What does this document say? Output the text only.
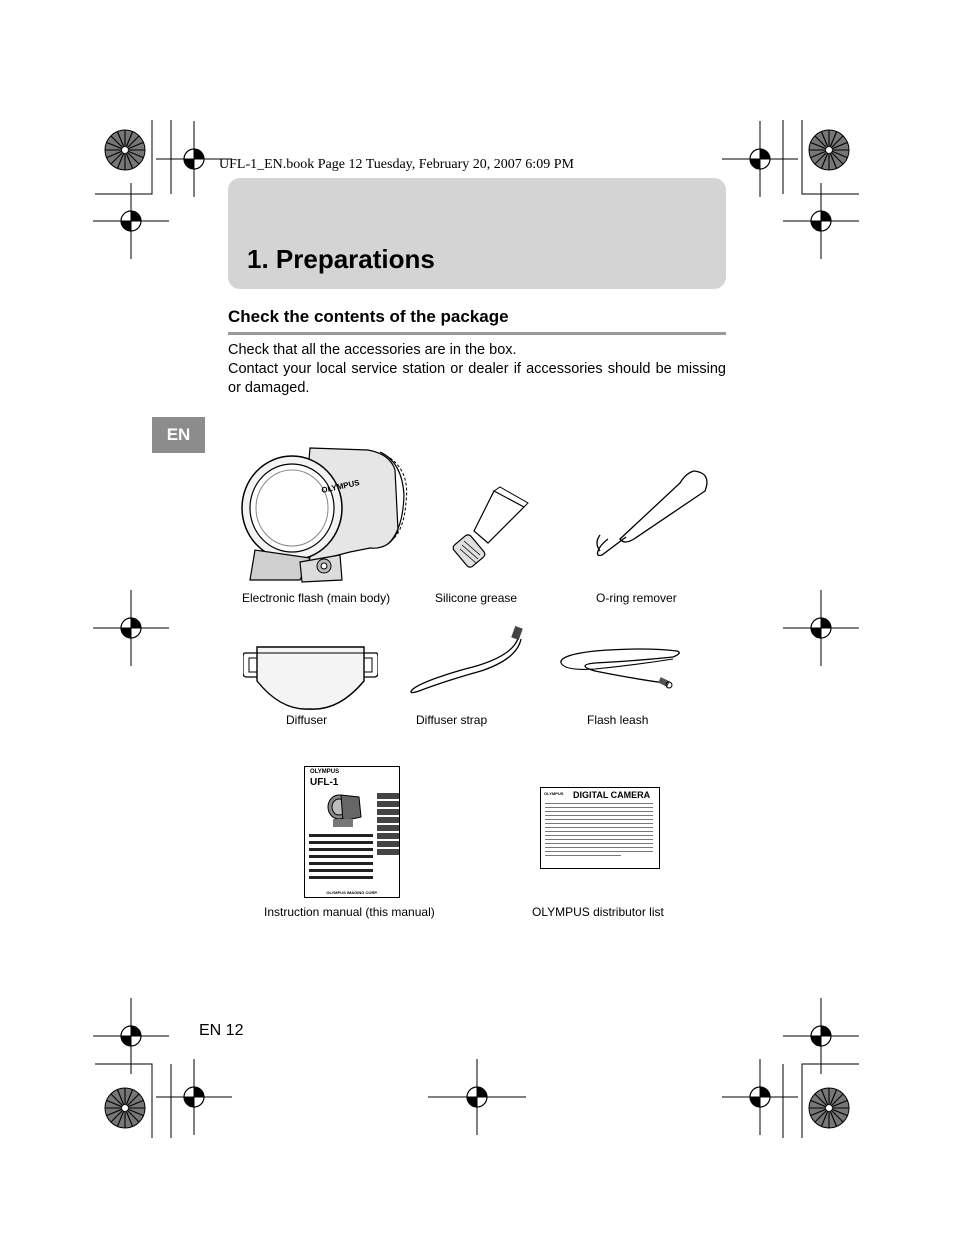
UFL-1_EN.book Page 12 Tuesday, February 20, 2007 6:09 PM
1. Preparations
Check the contents of the package

Check that all the accessories are in the box.

Contact your local service station or dealer if accessories should be missing or damaged.

EN
OLYMPUS
Electronic flash (main body)	Silicone grease	O-ring remover
Diffuser	Diffuser strap	Flash leash
OLYMPUS
UFL-1
OLYMPUS IMAGING CORP.
OLYMPUS DIGITAL CAMERA
Instruction manual (this manual)	OLYMPUS distributor list
EN 12
